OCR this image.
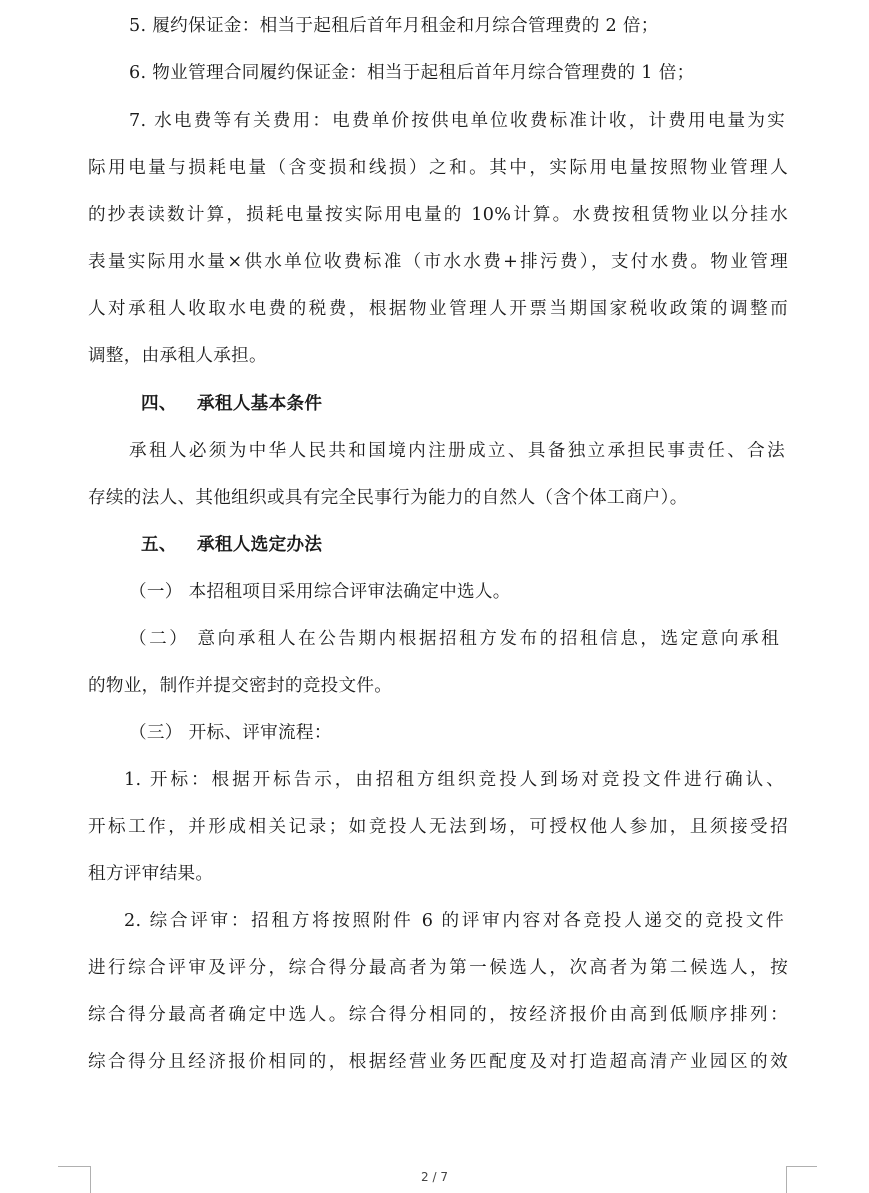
5. 履约保证金：相当于起租后首年月租金和月综合管理费的 2 倍；
6. 物业管理合同履约保证金：相当于起租后首年月综合管理费的 1 倍；
7. 水电费等有关费用：电费单价按供电单位收费标准计收，计费用电量为实
际用电量与损耗电量（含变损和线损）之和。其中，实际用电量按照物业管理人
的抄表读数计算，损耗电量按实际用电量的 10%计算。水费按租赁物业以分挂水
表量实际用水量×供水单位收费标准（市水水费+排污费），支付水费。物业管理
人对承租人收取水电费的税费，根据物业管理人开票当期国家税收政策的调整而
调整，由承租人承担。
四、 承租人基本条件
承租人必须为中华人民共和国境内注册成立、具备独立承担民事责任、合法
存续的法人、其他组织或具有完全民事行为能力的自然人（含个体工商户）。
五、 承租人选定办法
（一） 本招租项目采用综合评审法确定中选人。
（二） 意向承租人在公告期内根据招租方发布的招租信息，选定意向承租
的物业，制作并提交密封的竞投文件。
（三） 开标、评审流程：
1. 开标：根据开标告示，由招租方组织竞投人到场对竞投文件进行确认、
开标工作，并形成相关记录；如竞投人无法到场，可授权他人参加，且须接受招
租方评审结果。
2. 综合评审：招租方将按照附件 6 的评审内容对各竞投人递交的竞投文件
进行综合评审及评分，综合得分最高者为第一候选人，次高者为第二候选人，按
综合得分最高者确定中选人。综合得分相同的，按经济报价由高到低顺序排列：
综合得分且经济报价相同的，根据经营业务匹配度及对打造超高清产业园区的效
2 / 7
